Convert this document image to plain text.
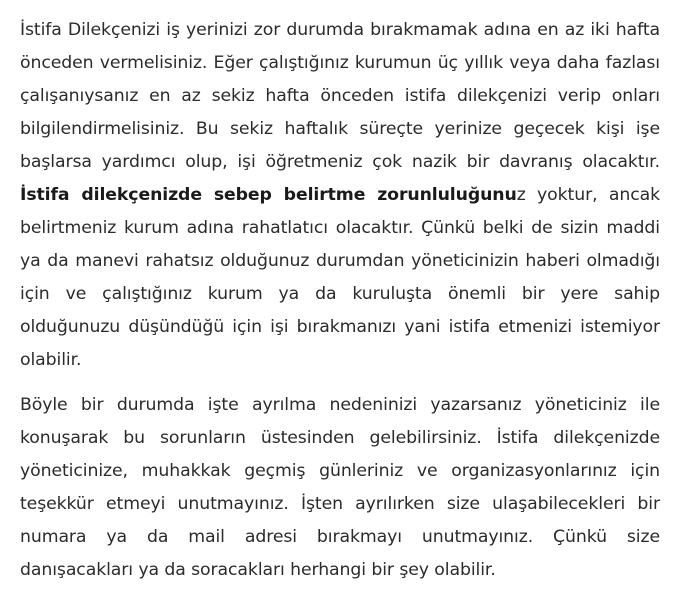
İstifa Dilekçenizi iş yerinizi zor durumda bırakmamak adına en az iki hafta önceden vermelisiniz. Eğer çalıştığınız kurumun üç yıllık veya daha fazlası çalışanıysanız en az sekiz hafta önceden istifa dilekçenizi verip onları bilgilendirmelisiniz. Bu sekiz haftalık süreçte yerinize geçecek kişi işe başlarsa yardımcı olup, işi öğretmeniz çok nazik bir davranış olacaktır. İstifa dilekçenizde sebep belirtme zorunluluğunuz yoktur, ancak belirtmeniz kurum adına rahatlatıcı olacaktır. Çünkü belki de sizin maddi ya da manevi rahatsız olduğunuz durumdan yöneticinizin haberi olmadığı için ve çalıştığınız kurum ya da kuruluşta önemli bir yere sahip olduğunuzu düşündüğü için işi bırakmanızı yani istifa etmenizi istemiyor olabilir.

Böyle bir durumda işte ayrılma nedeninizi yazarsanız yöneticiniz ile konuşarak bu sorunların üstesinden gelebilirsiniz. İstifa dilekçenizde yöneticinize, muhakkak geçmiş günleriniz ve organizasyonlarınız için teşekkür etmeyi unutmayınız. İşten ayrılırken size ulaşabilecekleri bir numara ya da mail adresi bırakmayı unutmayınız. Çünkü size danışacakları ya da soracakları herhangi bir şey olabilir.
